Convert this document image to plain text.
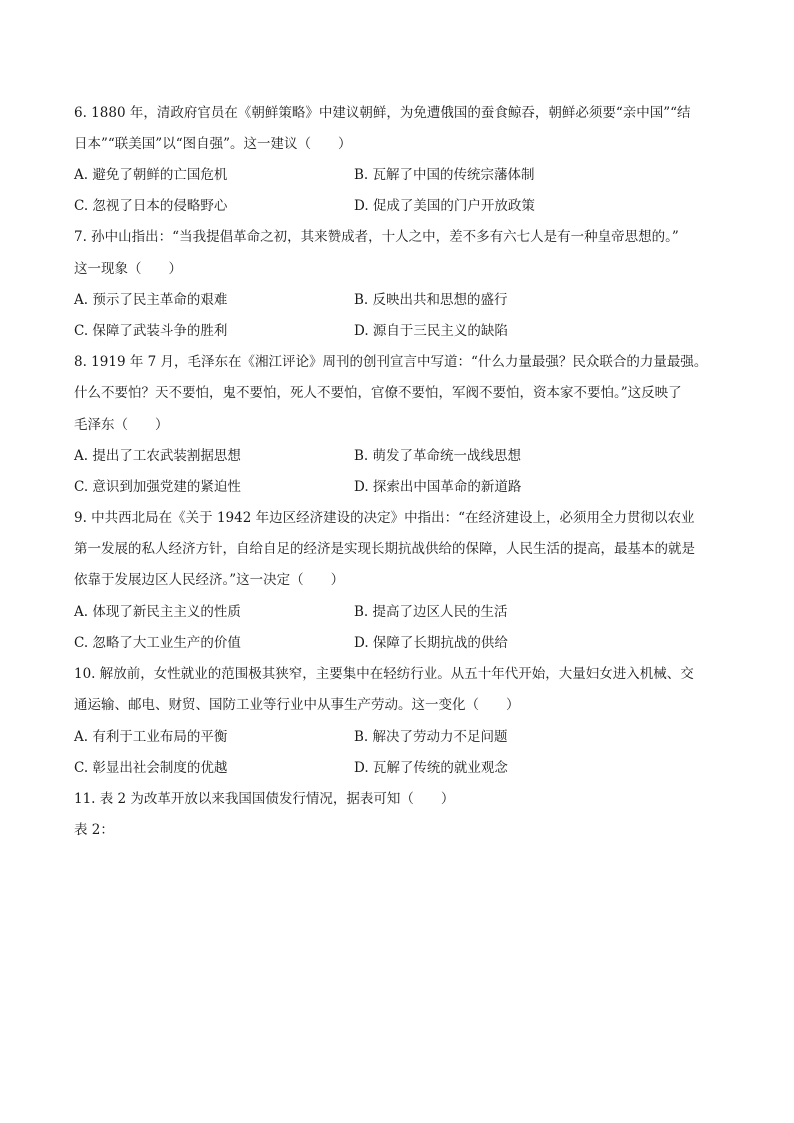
6. 1880 年，清政府官员在《朝鲜策略》中建议朝鲜，为免遭俄国的蚕食鲸吞，朝鲜必须要“亲中国”“结
日本”“联美国”以“图自强”。这一建议（　　）
A. 避免了朝鲜的亡国危机	B. 瓦解了中国的传统宗藩体制
C. 忽视了日本的侵略野心	D. 促成了美国的门户开放政策
7. 孙中山指出：“当我提倡革命之初，其来赞成者，十人之中，差不多有六七人是有一种皇帝思想的。”
这一现象（　　）
A. 预示了民主革命的艰难	B. 反映出共和思想的盛行
C. 保障了武装斗争的胜利	D. 源自于三民主义的缺陷
8. 1919 年 7 月，毛泽东在《湘江评论》周刊的创刊宣言中写道：“什么力量最强？民众联合的力量最强。
什么不要怕？天不要怕，鬼不要怕，死人不要怕，官僚不要怕，军阀不要怕，资本家不要怕。”这反映了
毛泽东（　　）
A. 提出了工农武装割据思想	B. 萌发了革命统一战线思想
C. 意识到加强党建的紧迫性	D. 探索出中国革命的新道路
9. 中共西北局在《关于 1942 年边区经济建设的决定》中指出：“在经济建设上，必须用全力贯彻以农业
第一发展的私人经济方针，自给自足的经济是实现长期抗战供给的保障，人民生活的提高，最基本的就是
依靠于发展边区人民经济。”这一决定（　　）
A. 体现了新民主主义的性质	B. 提高了边区人民的生活
C. 忽略了大工业生产的价值	D. 保障了长期抗战的供给
10. 解放前，女性就业的范围极其狭窄，主要集中在轻纺行业。从五十年代开始，大量妇女进入机械、交
通运输、邮电、财贸、国防工业等行业中从事生产劳动。这一变化（　　）
A. 有利于工业布局的平衡	B. 解决了劳动力不足问题
C. 彰显出社会制度的优越	D. 瓦解了传统的就业观念
11. 表 2 为改革开放以来我国国债发行情况，据表可知（　　）
表 2：
